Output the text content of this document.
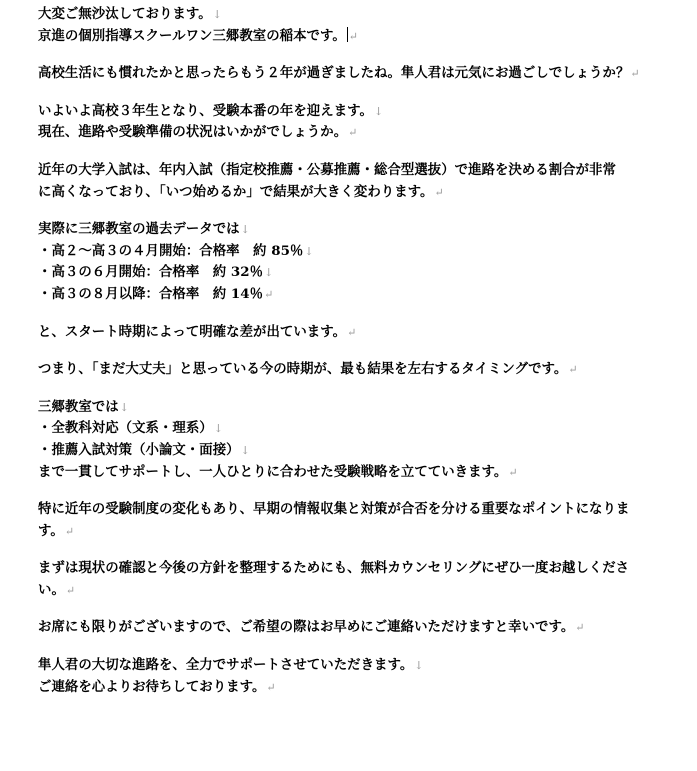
大変ご無沙汰しております。↓
京進の個別指導スクールワン三郷教室の稲本です。 ↵
高校生活にも慣れたかと思ったらもう２年が過ぎましたね。隼人君は元気にお過ごしでしょうか？↵
いよいよ高校３年生となり、受験本番の年を迎えます。↓
現在、進路や受験準備の状況はいかがでしょうか。↵
近年の大学入試は、年内入試（指定校推薦・公募推薦・総合型選抜）で進路を決める割合が非常
に高くなっており、「いつ始めるか」で結果が大きく変わります。↵
実際に三郷教室の過去データでは↓
・高２～高３の４月開始：合格率　約 85％↓
・高３の６月開始：合格率　約 32％↓
・高３の８月以降：合格率　約 14％↵
と、スタート時期によって明確な差が出ています。↵
つまり、「まだ大丈夫」と思っている今の時期が、最も結果を左右するタイミングです。↵
三郷教室では↓
・全教科対応（文系・理系）↓
・推薦入試対策（小論文・面接）↓
まで一貫してサポートし、一人ひとりに合わせた受験戦略を立てていきます。↵
特に近年の受験制度の変化もあり、早期の情報収集と対策が合否を分ける重要なポイントになりま
す。↵
まずは現状の確認と今後の方針を整理するためにも、無料カウンセリングにぜひ一度お越しくださ
い。↵
お席にも限りがございますので、ご希望の際はお早めにご連絡いただけますと幸いです。↵
隼人君の大切な進路を、全力でサポートさせていただきます。↓
ご連絡を心よりお待ちしております。↵
